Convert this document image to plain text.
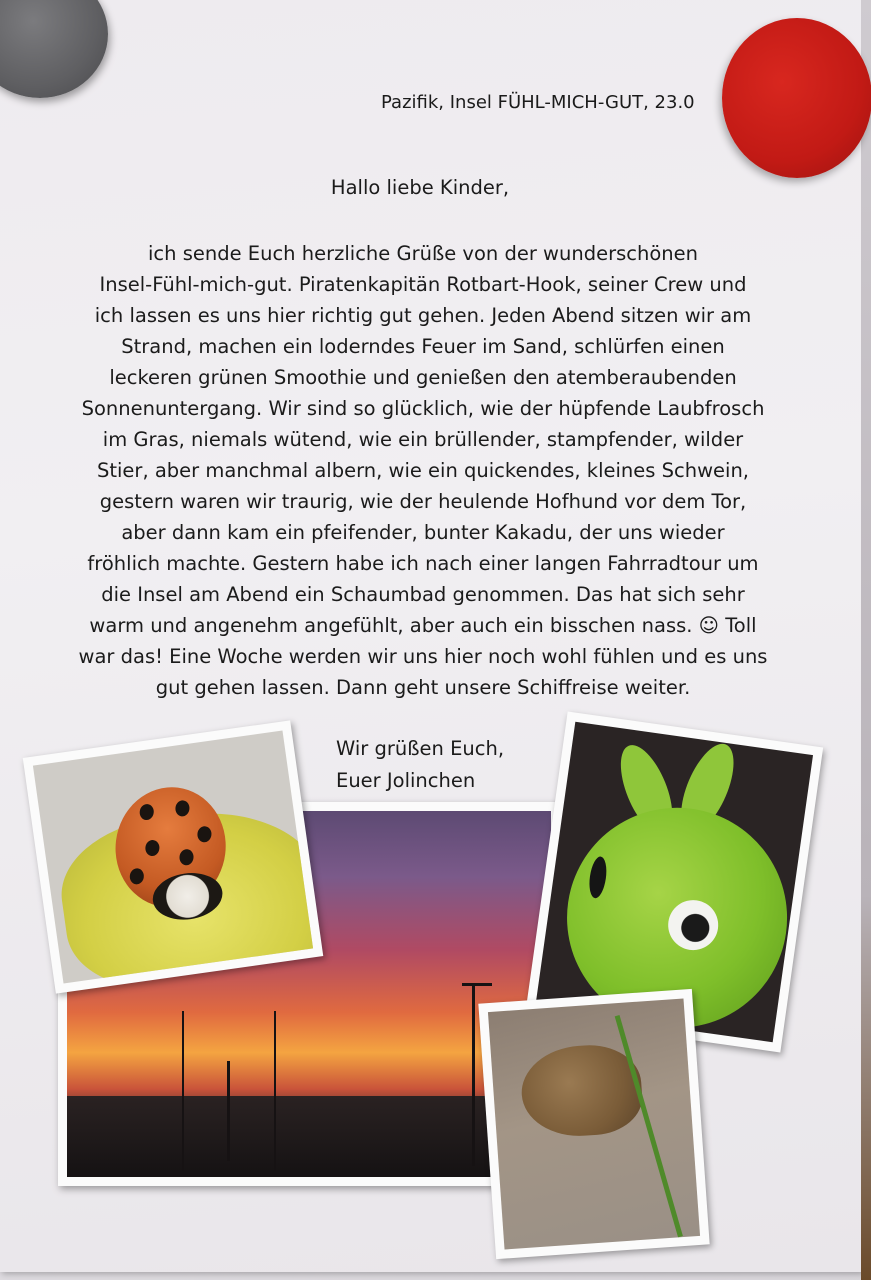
Pazifik, Insel FÜHL-MICH-GUT, 23.0
Hallo liebe Kinder,
ich sende Euch herzliche Grüße von der wunderschönen
Insel-Fühl-mich-gut. Piratenkapitän Rotbart-Hook, seiner Crew und
ich lassen es uns hier richtig gut gehen. Jeden Abend sitzen wir am
Strand, machen ein loderndes Feuer im Sand, schlürfen einen
leckeren grünen Smoothie und genießen den atemberaubenden
Sonnenuntergang. Wir sind so glücklich, wie der hüpfende Laubfrosch
im Gras, niemals wütend, wie ein brüllender, stampfender, wilder
Stier, aber manchmal albern, wie ein quickendes, kleines Schwein,
gestern waren wir traurig, wie der heulende Hofhund vor dem Tor,
aber dann kam ein pfeifender, bunter Kakadu, der uns wieder
fröhlich machte. Gestern habe ich nach einer langen Fahrradtour um
die Insel am Abend ein Schaumbad genommen. Das hat sich sehr
warm und angenehm angefühlt, aber auch ein bisschen nass. ☺ Toll
war das! Eine Woche werden wir uns hier noch wohl fühlen und es uns
gut gehen lassen. Dann geht unsere Schiffreise weiter.
Wir grüßen Euch,
Euer Jolinchen
